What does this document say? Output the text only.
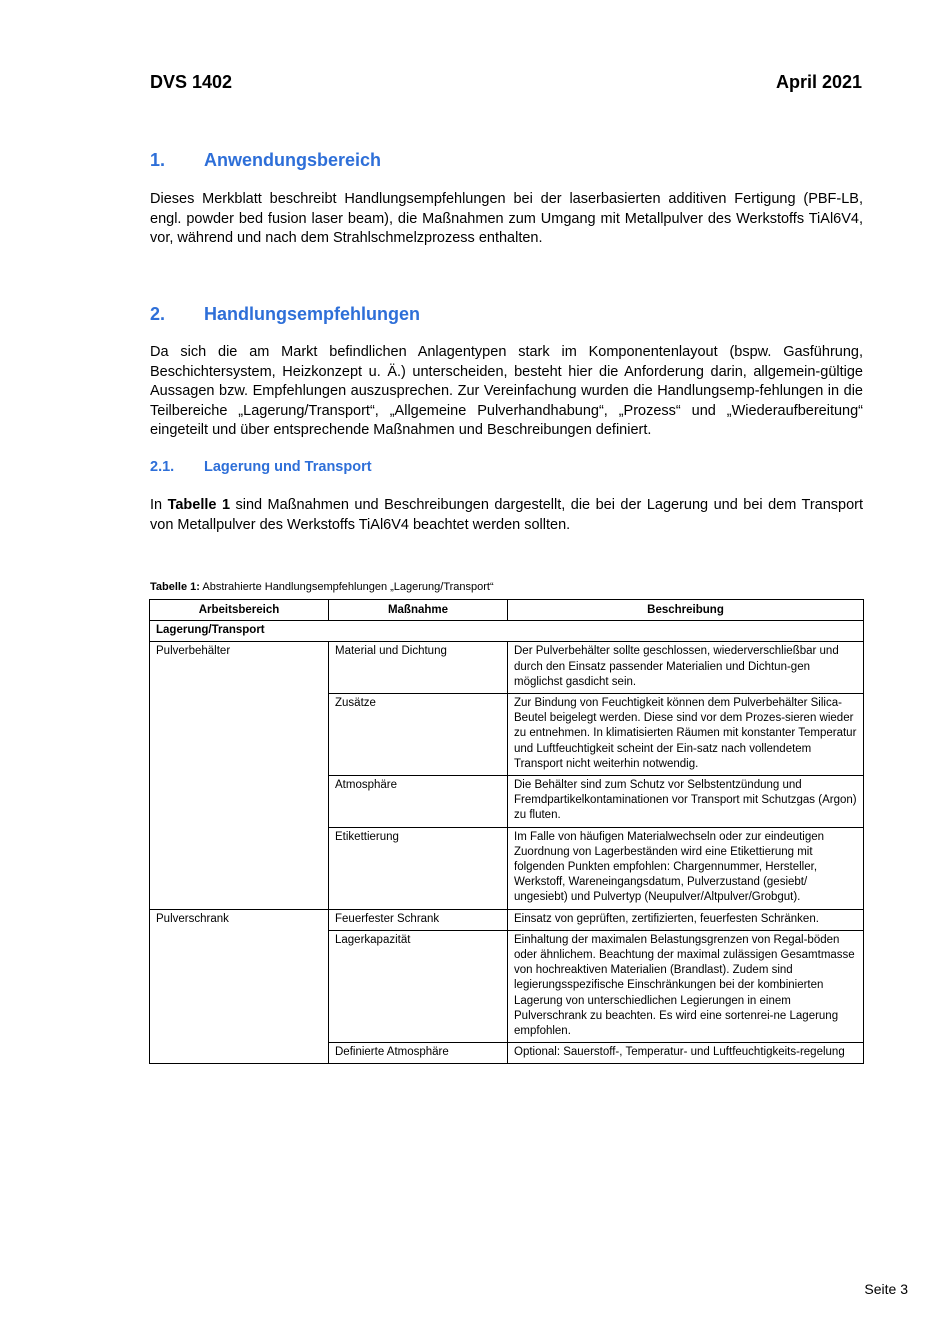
DVS 1402	April 2021
1. Anwendungsbereich

Dieses Merkblatt beschreibt Handlungsempfehlungen bei der laserbasierten additiven Fertigung (PBF-LB, engl. powder bed fusion laser beam), die Maßnahmen zum Umgang mit Metallpulver des Werkstoffs TiAl6V4, vor, während und nach dem Strahlschmelzprozess enthalten.

2. Handlungsempfehlungen

Da sich die am Markt befindlichen Anlagentypen stark im Komponentenlayout (bspw. Gasführung, Beschichtersystem, Heizkonzept u. Ä.) unterscheiden, besteht hier die Anforderung darin, allgemein-gültige Aussagen bzw. Empfehlungen auszusprechen. Zur Vereinfachung wurden die Handlungsemp-fehlungen in die Teilbereiche „Lagerung/Transport“, „Allgemeine Pulverhandhabung“, „Prozess“ und „Wiederaufbereitung“ eingeteilt und über entsprechende Maßnahmen und Beschreibungen definiert.

2.1. Lagerung und Transport

In Tabelle 1 sind Maßnahmen und Beschreibungen dargestellt, die bei der Lagerung und bei dem Transport von Metallpulver des Werkstoffs TiAl6V4 beachtet werden sollten.

Tabelle 1: Abstrahierte Handlungsempfehlungen „Lagerung/Transport“
Arbeitsbereich	Maßnahme	Beschreibung
Lagerung/Transport		
Pulverbehälter	Material und Dichtung	Der Pulverbehälter sollte geschlossen, wiederverschließbar und durch den Einsatz passender Materialien und Dichtun-gen möglichst gasdicht sein.
	Zusätze	Zur Bindung von Feuchtigkeit können dem Pulverbehälter Silica-Beutel beigelegt werden. Diese sind vor dem Prozes-sieren wieder zu entnehmen. In klimatisierten Räumen mit konstanter Temperatur und Luftfeuchtigkeit scheint der Ein-satz nach vollendetem Transport nicht weiterhin notwendig.
	Atmosphäre	Die Behälter sind zum Schutz vor Selbstentzündung und Fremdpartikelkontaminationen vor Transport mit Schutzgas (Argon) zu fluten.
	Etikettierung	Im Falle von häufigen Materialwechseln oder zur eindeutigen Zuordnung von Lagerbeständen wird eine Etikettierung mit folgenden Punkten empfohlen: Chargennummer, Hersteller, Werkstoff, Wareneingangsdatum, Pulverzustand (gesiebt/ ungesiebt) und Pulvertyp (Neupulver/Altpulver/Grobgut).
Pulverschrank	Feuerfester Schrank	Einsatz von geprüften, zertifizierten, feuerfesten Schränken.
	Lagerkapazität	Einhaltung der maximalen Belastungsgrenzen von Regal-böden oder ähnlichem. Beachtung der maximal zulässigen Gesamtmasse von hochreaktiven Materialien (Brandlast). Zudem sind legierungsspezifische Einschränkungen bei der kombinierten Lagerung von unterschiedlichen Legierungen in einem Pulverschrank zu beachten. Es wird eine sortenrei-ne Lagerung empfohlen.
	Definierte Atmosphäre	Optional: Sauerstoff-, Temperatur- und Luftfeuchtigkeits-regelung
Seite 3
